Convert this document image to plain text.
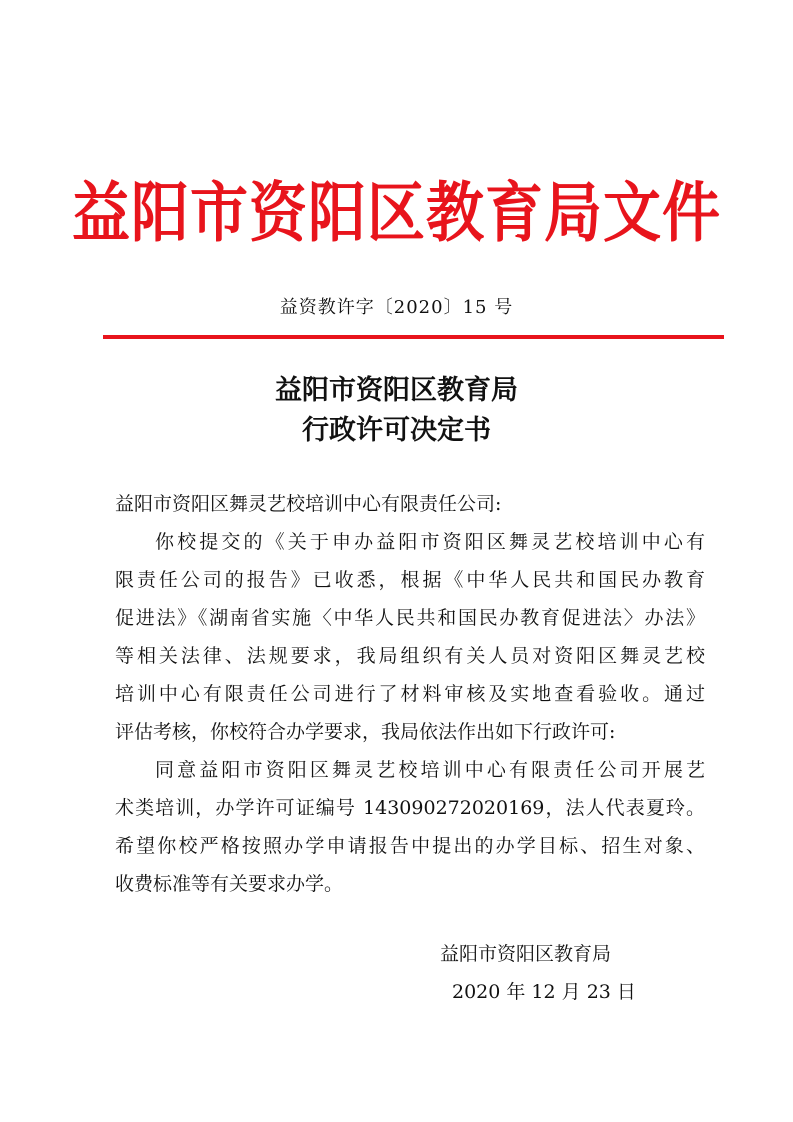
益阳市资阳区教育局文件
益资教许字〔2020〕15 号
益阳市资阳区教育局
行政许可决定书
益阳市资阳区舞灵艺校培训中心有限责任公司:
你校提交的《关于申办益阳市资阳区舞灵艺校培训中心有
限责任公司的报告》已收悉，根据《中华人民共和国民办教育
促进法》《湖南省实施〈中华人民共和国民办教育促进法〉办法》
等相关法律、法规要求，我局组织有关人员对资阳区舞灵艺校
培训中心有限责任公司进行了材料审核及实地查看验收。通过
评估考核，你校符合办学要求，我局依法作出如下行政许可:
同意益阳市资阳区舞灵艺校培训中心有限责任公司开展艺
术类培训，办学许可证编号 143090272020169，法人代表夏玲。
希望你校严格按照办学申请报告中提出的办学目标、招生对象、
收费标准等有关要求办学。
益阳市资阳区教育局
2020 年 12 月 23 日
